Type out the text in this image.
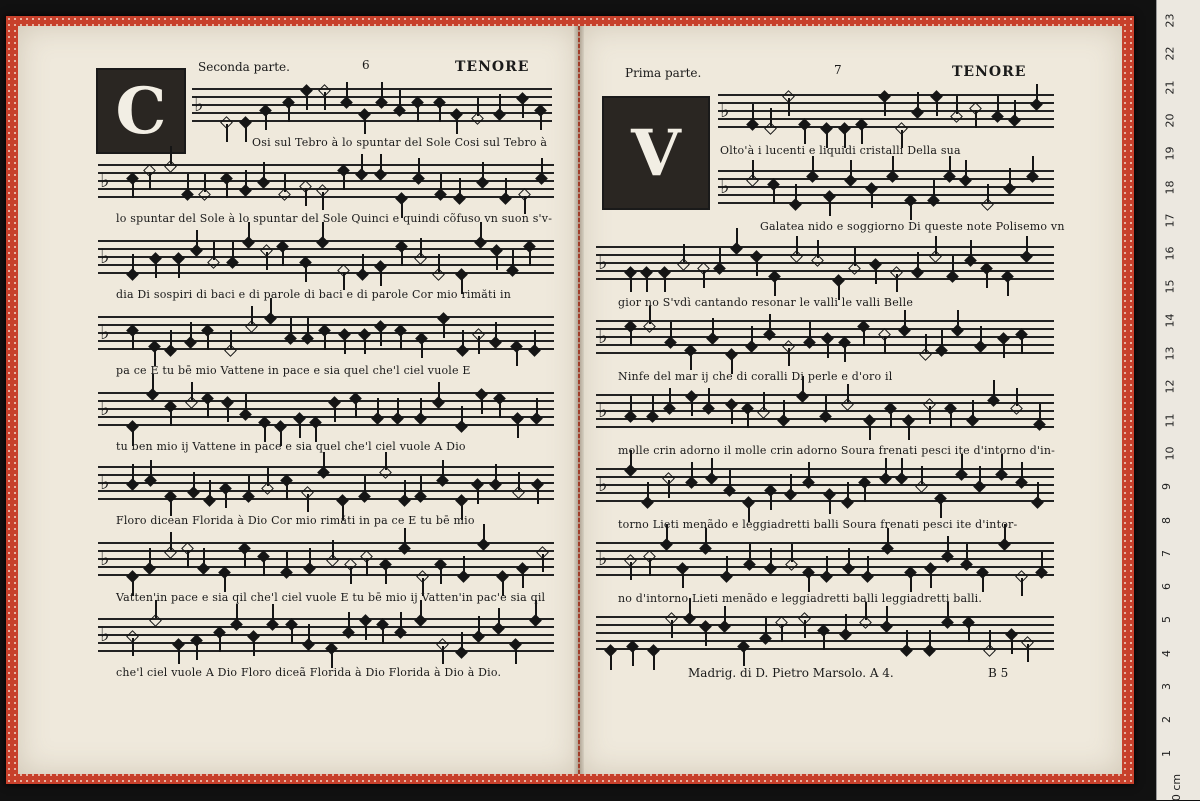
Seconda parte.	6	TENORE
C
Prima parte.	7	TENORE
V
♭
♭
♭
♭
♭
♭
♭
♭
♭
♭
♭
♭
♭
♭
♭
Osi sul Tebro à lo spuntar del Sole Cosi sul Tebro à
lo spuntar del Sole à lo spuntar del Sole Quinci e quindi cõfuso vn suon s'v-
dia Di sospiri di baci e di parole di baci e di parole Cor mio rimăti in
pa ce E tu bē mio Vattene in pace e sia quel che'l ciel vuole E
tu ben mio ij Vattene in pace e sia quel che'l ciel vuole A Dio
Floro dicean Florida à Dio Cor mio rimăti in pa ce E tu bē mio
Vatten'in pace e sia qil che'l ciel vuole E tu bē mio ij Vatten'in pac'e sia qil
che'l ciel vuole A Dio Floro diceã Florida à Dio Florida à Dio à Dio.
Olto'à i lucenti e liquidi cristalli Della sua
Galatea nido e soggiorno Di queste note Polisemo vn
gior no S'vdì cantando resonar le valli le valli Belle
Ninfe del mar ij che di coralli Di perle e d'oro il
molle crin adorno il molle crin adorno Soura frenati pesci ite d'intorno d'in-
torno Lieti menãdo e leggiadretti balli Soura frenati pesci ite d'intor-
no d'intorno Lieti menãdo e leggiadretti balli leggiadretti balli.
Madrig. di D. Pietro Marsolo. A 4.	B 5
23
22
21
20
19
18
17
16
15
14
13
12
11
10
9
8
7
6
5
4
3
2
1
0 cm
